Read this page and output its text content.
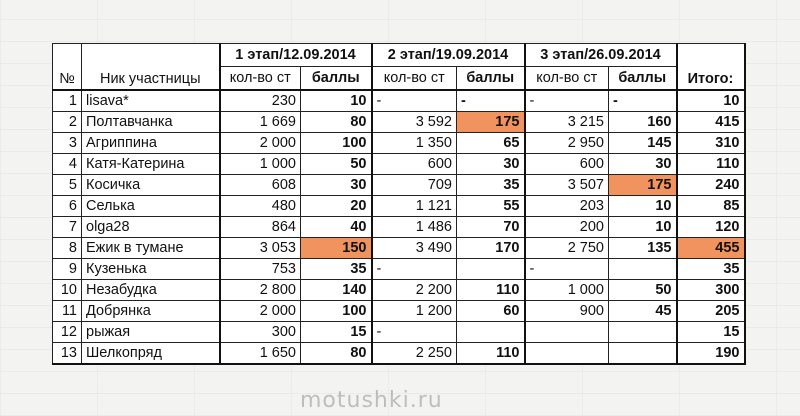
motushki.ru
№	Ник участницы	1 этап/12.09.2014		2 этап/19.09.2014		3 этап/26.09.2014		Итого:
		кол-во ст	баллы	кол-во ст	баллы	кол-во ст	баллы	
1	lisava*	230	10	-	-	-	-	10
2	Полтавчанка	1 669	80	3 592	175	3 215	160	415
3	Агриппина	2 000	100	1 350	65	2 950	145	310
4	Катя-Катерина	1 000	50	600	30	600	30	110
5	Косичка	608	30	709	35	3 507	175	240
6	Селька	480	20	1 121	55	203	10	85
7	olga28	864	40	1 486	70	200	10	120
8	Ежик в тумане	3 053	150	3 490	170	2 750	135	455
9	Кузенька	753	35	-		-		35
10	Незабудка	2 800	140	2 200	110	1 000	50	300
11	Добрянка	2 000	100	1 200	60	900	45	205
12	рыжая	300	15	-				15
13	Шелкопряд	1 650	80	2 250	110			190
